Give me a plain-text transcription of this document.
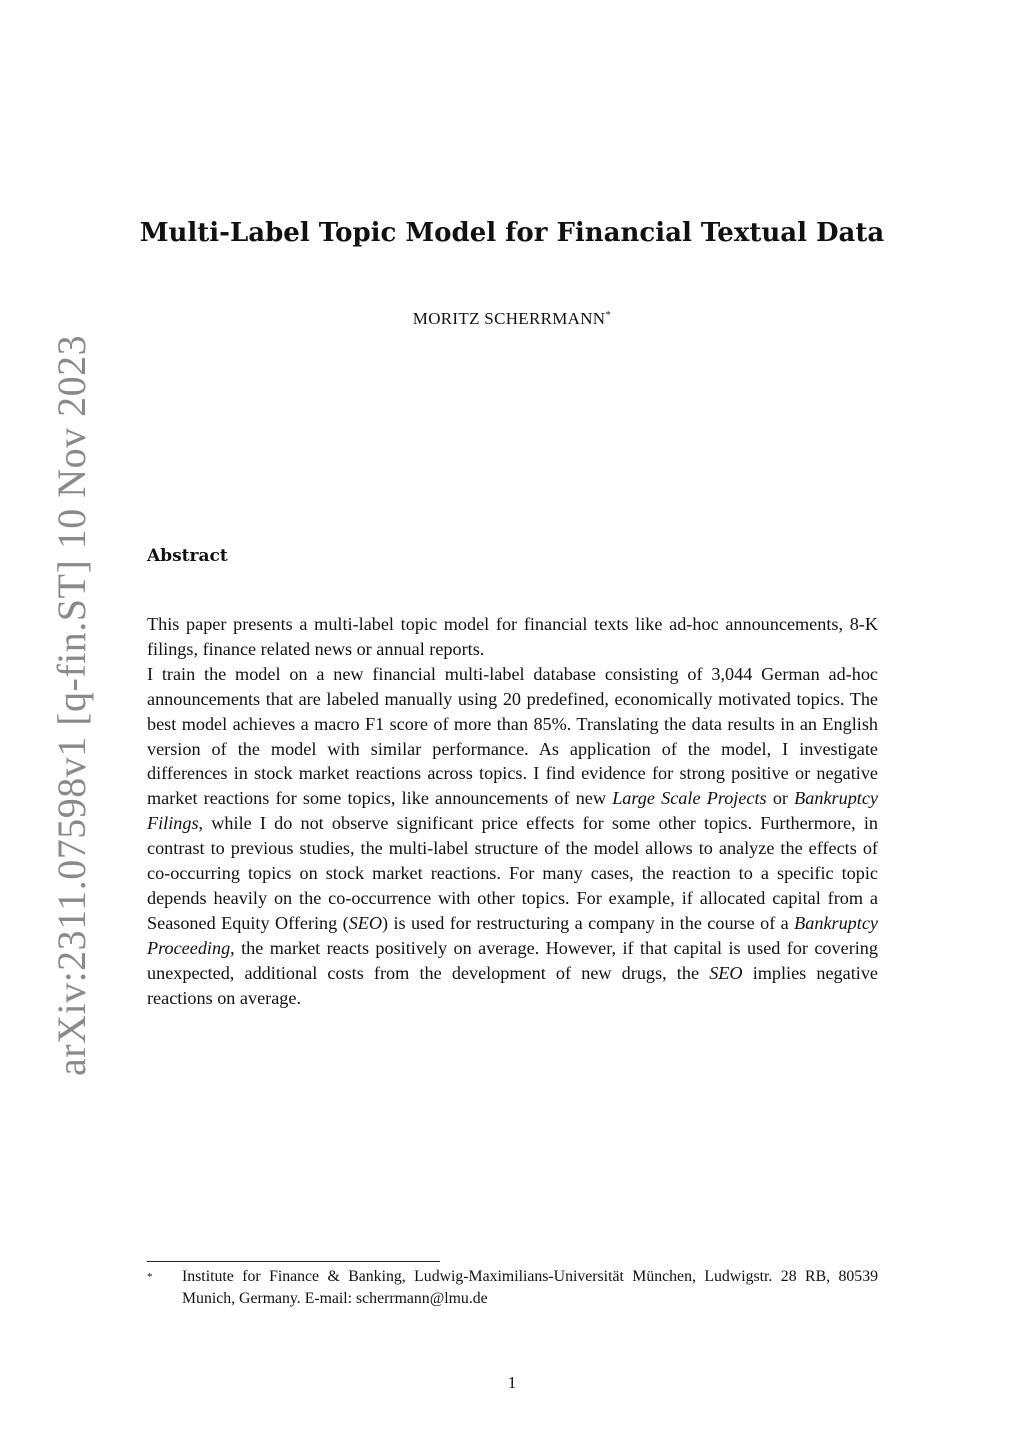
arXiv:2311.07598v1 [q-fin.ST] 10 Nov 2023
Multi-Label Topic Model for Financial Textual Data
MORITZ SCHERRMANN*
Abstract

This paper presents a multi-label topic model for financial texts like ad-hoc announcements, 8-K filings, finance related news or annual reports.

I train the model on a new financial multi-label database consisting of 3,044 German ad-hoc announcements that are labeled manually using 20 predefined, economically motivated topics. The best model achieves a macro F1 score of more than 85%. Translating the data results in an English version of the model with similar performance. As application of the model, I investigate differences in stock market reactions across topics. I find evidence for strong positive or negative market reactions for some topics, like announcements of new Large Scale Projects or Bankruptcy Filings, while I do not observe significant price effects for some other topics. Furthermore, in contrast to previous studies, the multi-label structure of the model allows to analyze the effects of co-occurring topics on stock market reactions. For many cases, the reaction to a specific topic depends heavily on the co-occurrence with other topics. For example, if allocated capital from a Seasoned Equity Offering (SEO) is used for restructuring a company in the course of a Bankruptcy Proceeding, the market reacts positively on average. However, if that capital is used for covering unexpected, additional costs from the development of new drugs, the SEO implies negative reactions on average.

* Institute for Finance & Banking, Ludwig-Maximilians-Universität München, Ludwigstr. 28 RB, 80539 Munich, Germany. E-mail: scherrmann@lmu.de
1
